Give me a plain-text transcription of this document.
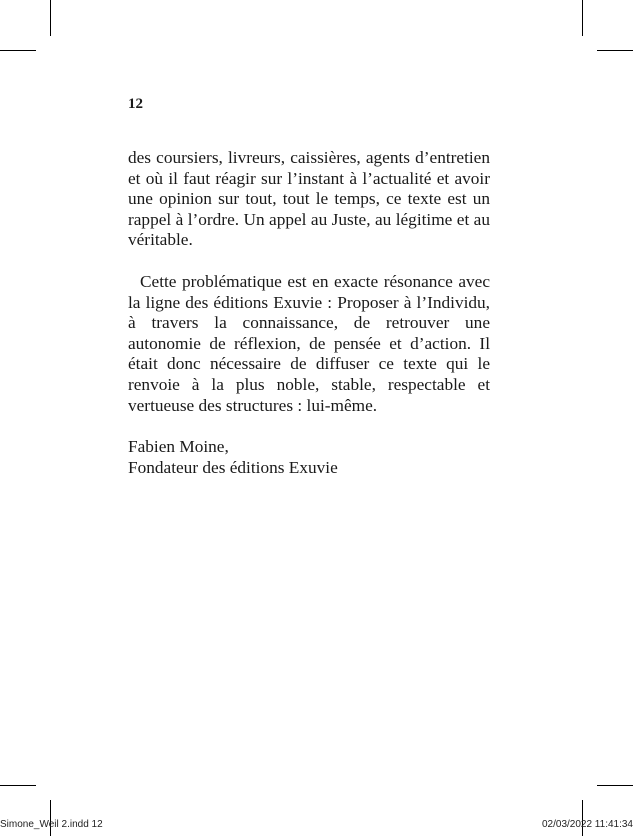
12

des coursiers, livreurs, caissières, agents d’entretien et où il faut réagir sur l’instant à l’actualité et avoir une opinion sur tout, tout le temps, ce texte est un rappel à l’ordre. Un appel au Juste, au légitime et au véritable.

Cette problématique est en exacte résonance avec la ligne des éditions Exuvie : Proposer à l’Individu, à travers la connaissance, de retrouver une autonomie de réflexion, de pensée et d’action. Il était donc nécessaire de diffuser ce texte qui le renvoie à la plus noble, stable, respectable et vertueuse des structures : lui-même.

Fabien Moine,
Fondateur des éditions Exuvie
Simone_Weil 2.indd 12	02/03/2022 11:41:34
